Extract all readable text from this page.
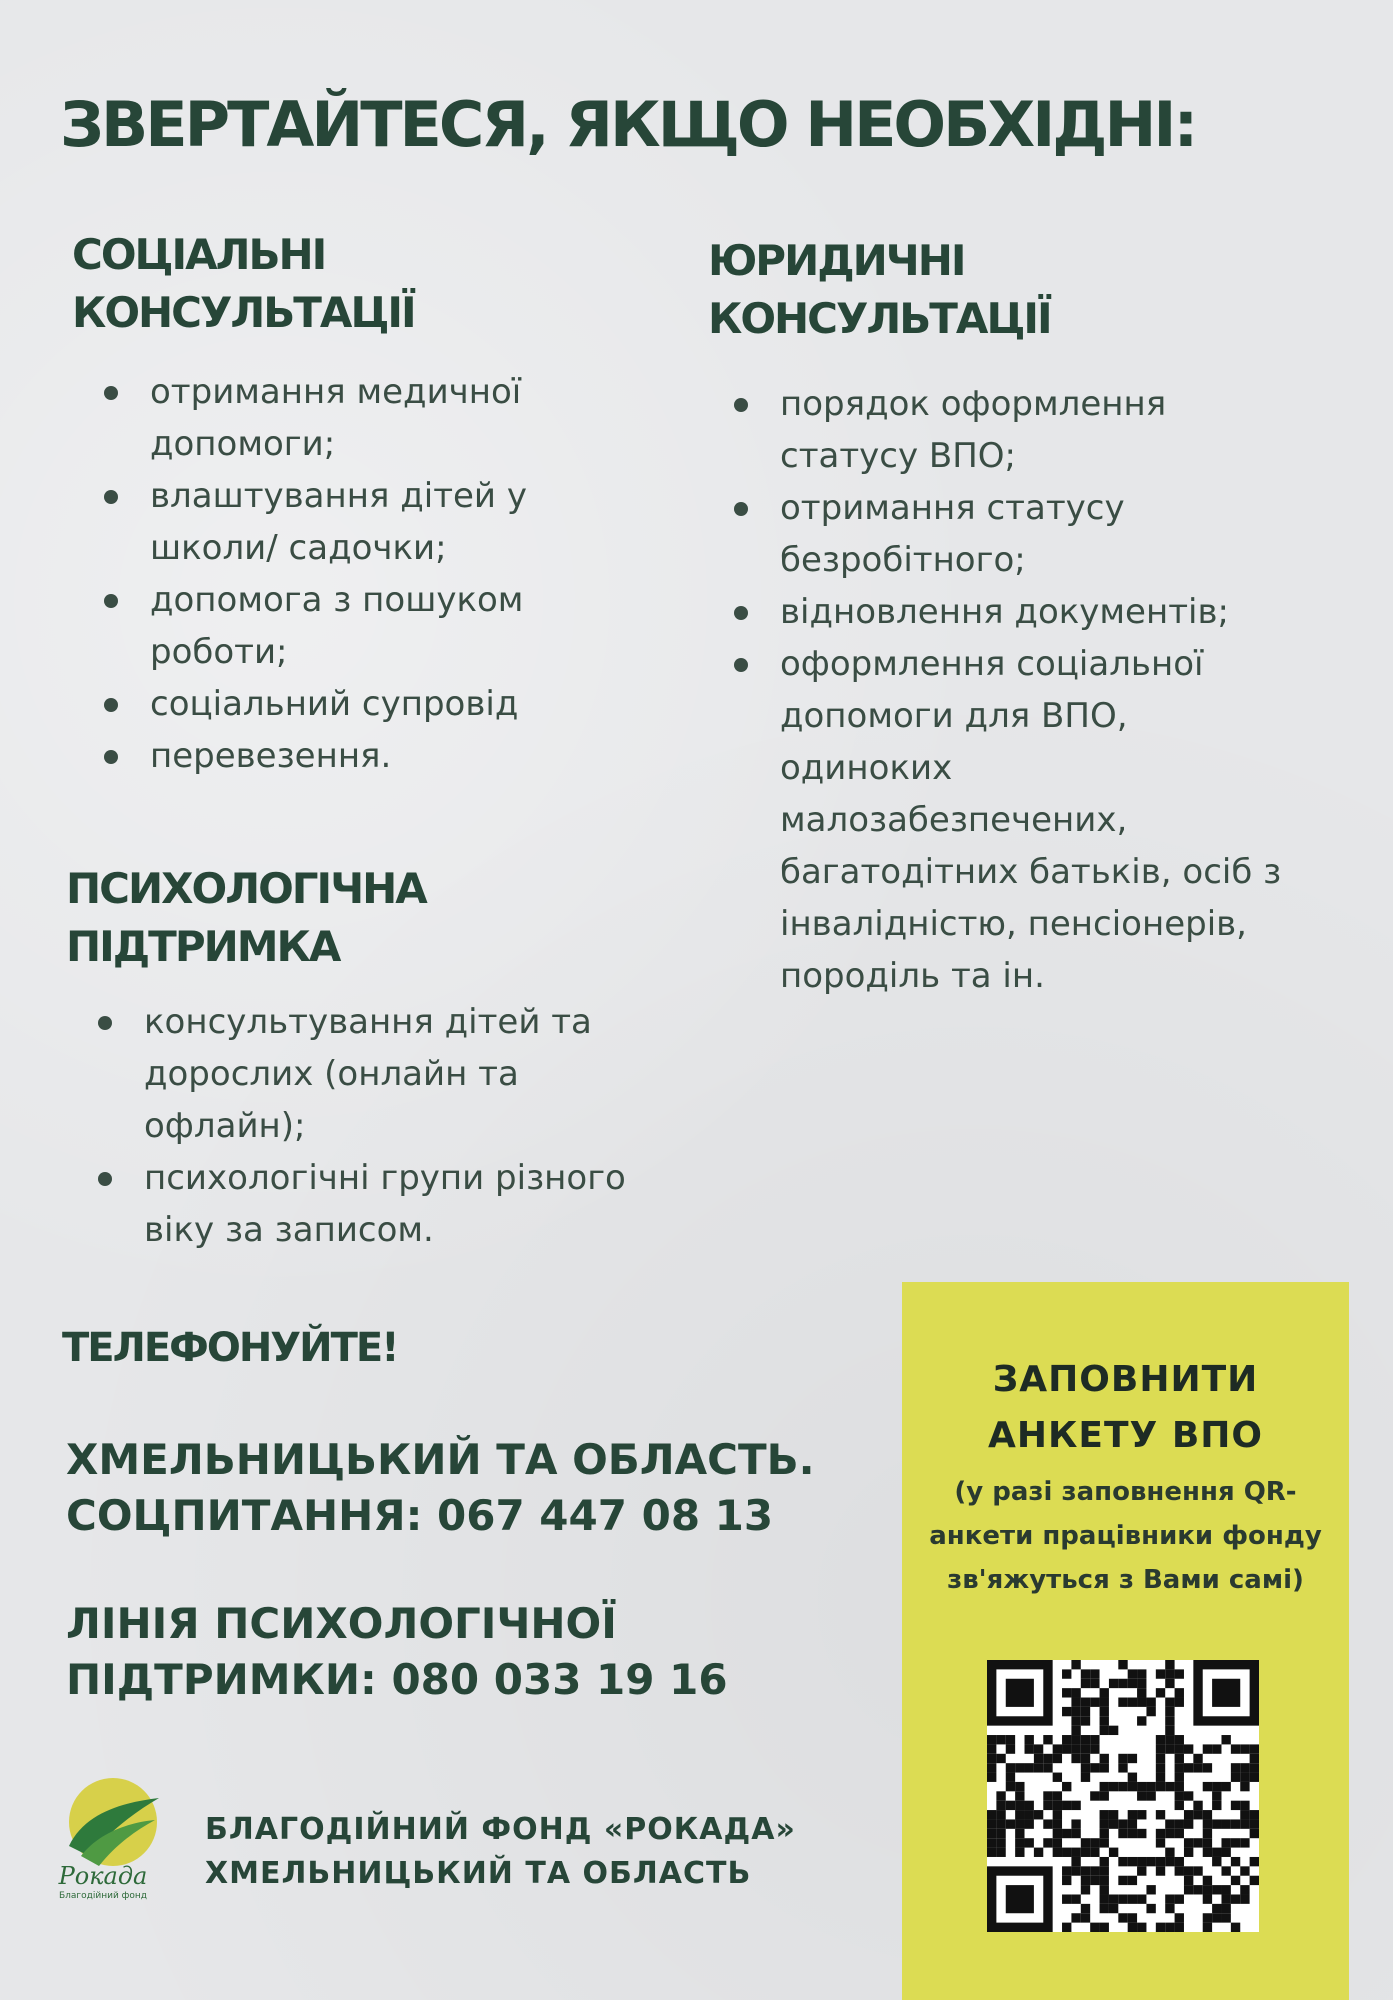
ЗВЕРТАЙТЕСЯ, ЯКЩО НЕОБХІДНІ:
СОЦІАЛЬНІ
КОНСУЛЬТАЦІЇ
отримання медичної
допомоги;
влаштування дітей у
школи/ садочки;
допомога з пошуком
роботи;
соціальний супровід
перевезення.
ЮРИДИЧНІ
КОНСУЛЬТАЦІЇ
порядок оформлення
статусу ВПО;
отримання статусу
безробітного;
відновлення документів;
оформлення соціальної
допомоги для ВПО,
одиноких
малозабезпечених,
багатодітних батьків, осіб з
інвалідністю, пенсіонерів,
породіль та ін.
ПСИХОЛОГІЧНА
ПІДТРИМКА
консультування дітей та
дорослих (онлайн та
офлайн);
психологічні групи різного
віку за записом.
ТЕЛЕФОНУЙТЕ!
ХМЕЛЬНИЦЬКИЙ ТА ОБЛАСТЬ.
СОЦПИТАННЯ: 067 447 08 13
ЛІНІЯ ПСИХОЛОГІЧНОЇ
ПІДТРИМКИ: 080 033 19 16
Рокада
Благодійний фонд
БЛАГОДІЙНИЙ ФОНД «РОКАДА»
ХМЕЛЬНИЦЬКИЙ ТА ОБЛАСТЬ
ЗАПОВНИТИ
АНКЕТУ ВПО
(у разі заповнення QR- анкети працівники фонду зв'яжуться з Вами самі)
